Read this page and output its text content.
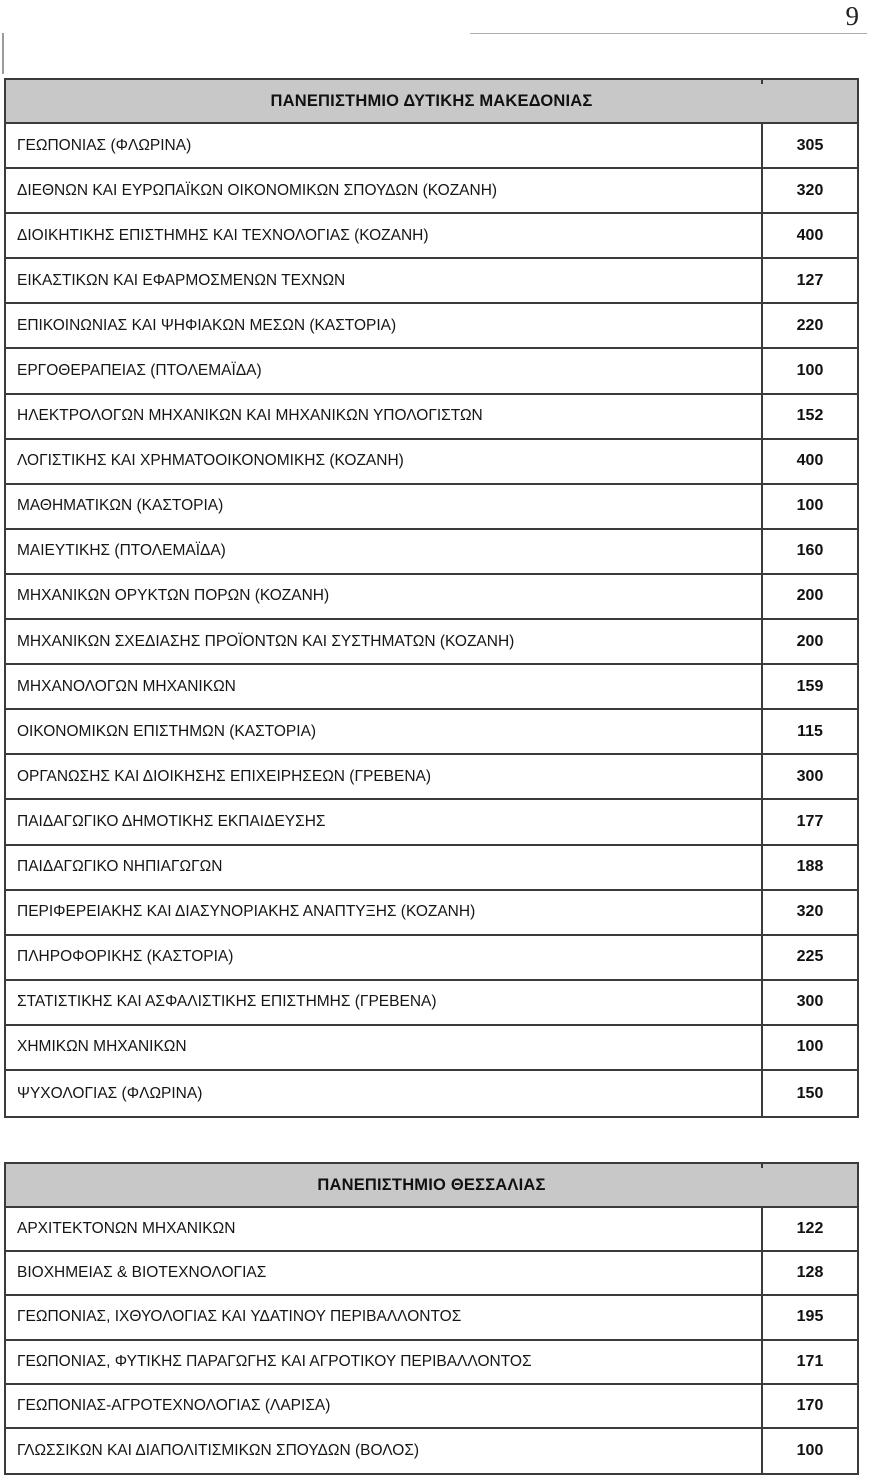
9
ΠΑΝΕΠΙΣΤΗΜΙΟ ΔΥΤΙΚΗΣ ΜΑΚΕΔΟΝΙΑΣ
ΓΕΩΠΟΝΙΑΣ (ΦΛΩΡΙΝΑ)	305
ΔΙΕΘΝΩΝ ΚΑΙ ΕΥΡΩΠΑΪΚΩΝ ΟΙΚΟΝΟΜΙΚΩΝ ΣΠΟΥΔΩΝ (ΚΟΖΑΝΗ)	320
ΔΙΟΙΚΗΤΙΚΗΣ ΕΠΙΣΤΗΜΗΣ ΚΑΙ ΤΕΧΝΟΛΟΓΙΑΣ (ΚΟΖΑΝΗ)	400
ΕΙΚΑΣΤΙΚΩΝ ΚΑΙ ΕΦΑΡΜΟΣΜΕΝΩΝ ΤΕΧΝΩΝ	127
ΕΠΙΚΟΙΝΩΝΙΑΣ ΚΑΙ ΨΗΦΙΑΚΩΝ ΜΕΣΩΝ (ΚΑΣΤΟΡΙΑ)	220
ΕΡΓΟΘΕΡΑΠΕΙΑΣ (ΠΤΟΛΕΜΑΪΔΑ)	100
ΗΛΕΚΤΡΟΛΟΓΩΝ ΜΗΧΑΝΙΚΩΝ ΚΑΙ ΜΗΧΑΝΙΚΩΝ ΥΠΟΛΟΓΙΣΤΩΝ	152
ΛΟΓΙΣΤΙΚΗΣ ΚΑΙ ΧΡΗΜΑΤΟΟΙΚΟΝΟΜΙΚΗΣ (ΚΟΖΑΝΗ)	400
ΜΑΘΗΜΑΤΙΚΩΝ (ΚΑΣΤΟΡΙΑ)	100
ΜΑΙΕΥΤΙΚΗΣ (ΠΤΟΛΕΜΑΪΔΑ)	160
ΜΗΧΑΝΙΚΩΝ ΟΡΥΚΤΩΝ ΠΟΡΩΝ (ΚΟΖΑΝΗ)	200
ΜΗΧΑΝΙΚΩΝ ΣΧΕΔΙΑΣΗΣ ΠΡΟΪΟΝΤΩΝ ΚΑΙ ΣΥΣΤΗΜΑΤΩΝ (ΚΟΖΑΝΗ)	200
ΜΗΧΑΝΟΛΟΓΩΝ ΜΗΧΑΝΙΚΩΝ	159
ΟΙΚΟΝΟΜΙΚΩΝ ΕΠΙΣΤΗΜΩΝ (ΚΑΣΤΟΡΙΑ)	115
ΟΡΓΑΝΩΣΗΣ ΚΑΙ ΔΙΟΙΚΗΣΗΣ ΕΠΙΧΕΙΡΗΣΕΩΝ (ΓΡΕΒΕΝΑ)	300
ΠΑΙΔΑΓΩΓΙΚΟ ΔΗΜΟΤΙΚΗΣ ΕΚΠΑΙΔΕΥΣΗΣ	177
ΠΑΙΔΑΓΩΓΙΚΟ ΝΗΠΙΑΓΩΓΩΝ	188
ΠΕΡΙΦΕΡΕΙΑΚΗΣ ΚΑΙ ΔΙΑΣΥΝΟΡΙΑΚΗΣ ΑΝΑΠΤΥΞΗΣ (ΚΟΖΑΝΗ)	320
ΠΛΗΡΟΦΟΡΙΚΗΣ (ΚΑΣΤΟΡΙΑ)	225
ΣΤΑΤΙΣΤΙΚΗΣ ΚΑΙ ΑΣΦΑΛΙΣΤΙΚΗΣ ΕΠΙΣΤΗΜΗΣ (ΓΡΕΒΕΝΑ)	300
ΧΗΜΙΚΩΝ ΜΗΧΑΝΙΚΩΝ	100
ΨΥΧΟΛΟΓΙΑΣ (ΦΛΩΡΙΝΑ)	150
ΠΑΝΕΠΙΣΤΗΜΙΟ ΘΕΣΣΑΛΙΑΣ
ΑΡΧΙΤΕΚΤΟΝΩΝ ΜΗΧΑΝΙΚΩΝ	122
ΒΙΟΧΗΜΕΙΑΣ & ΒΙΟΤΕΧΝΟΛΟΓΙΑΣ	128
ΓΕΩΠΟΝΙΑΣ, ΙΧΘΥΟΛΟΓΙΑΣ ΚΑΙ ΥΔΑΤΙΝΟΥ ΠΕΡΙΒΑΛΛΟΝΤΟΣ	195
ΓΕΩΠΟΝΙΑΣ, ΦΥΤΙΚΗΣ ΠΑΡΑΓΩΓΗΣ ΚΑΙ ΑΓΡΟΤΙΚΟΥ ΠΕΡΙΒΑΛΛΟΝΤΟΣ	171
ΓΕΩΠΟΝΙΑΣ-ΑΓΡΟΤΕΧΝΟΛΟΓΙΑΣ (ΛΑΡΙΣΑ)	170
ΓΛΩΣΣΙΚΩΝ ΚΑΙ ΔΙΑΠΟΛΙΤΙΣΜΙΚΩΝ ΣΠΟΥΔΩΝ (ΒΟΛΟΣ)	100
